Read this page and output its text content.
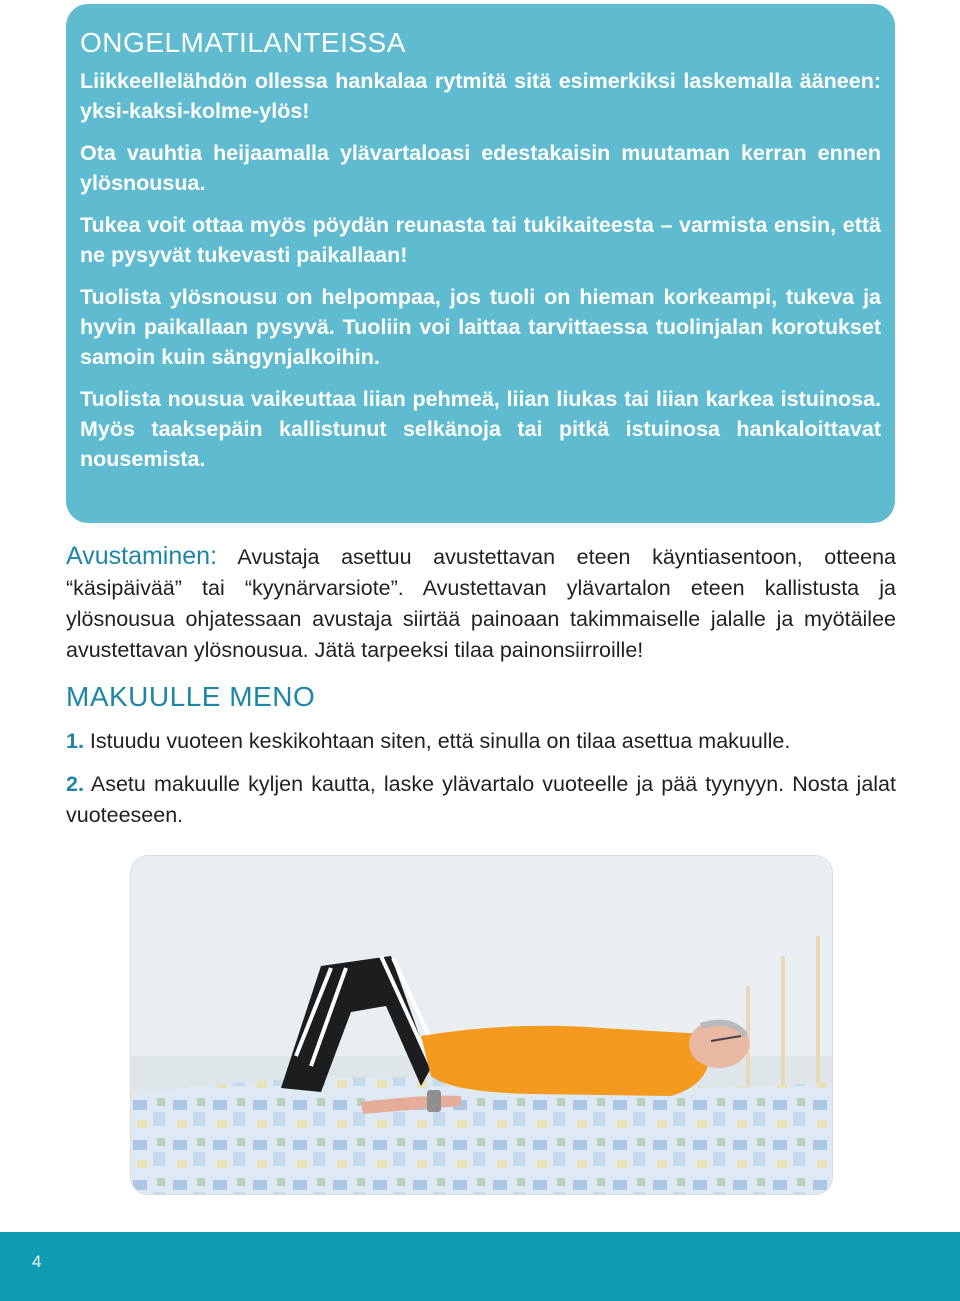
ONGELMATILANTEISSA

Liikkeellelähdön ollessa hankalaa rytmitä sitä esimerkiksi laskemalla ääneen: yksi-kaksi-kolme-ylös!

Ota vauhtia heijaamalla ylävartaloasi edestakaisin muutaman kerran ennen ylösnousua.

Tukea voit ottaa myös pöydän reunasta tai tukikaiteesta – varmista ensin, että ne pysyvät tukevasti paikallaan!

Tuolista ylösnousu on helpompaa, jos tuoli on hieman korkeampi, tukeva ja hyvin paikallaan pysyvä. Tuoliin voi laittaa tarvittaessa tuolinjalan korotukset samoin kuin sängynjalkoihin.

Tuolista nousua vaikeuttaa liian pehmeä, liian liukas tai liian karkea istuinosa. Myös taaksepäin kallistunut selkänoja tai pitkä istuinosa hankaloittavat nousemista.

Avustaminen: Avustaja asettuu avustettavan eteen käyntiasentoon, otteena “käsipäivää” tai “kyynärvarsiote”. Avustettavan ylävartalon eteen kallistusta ja ylösnousua ohjatessaan avustaja siirtää painoaan takimmaiselle jalalle ja myötäilee avustettavan ylösnousua. Jätä tarpeeksi tilaa painonsiirroille!
MAKUULLE MENO
1. Istuudu vuoteen keskikohtaan siten, että sinulla on tilaa asettua makuulle.
2. Asetu makuulle kyljen kautta, laske ylävartalo vuoteelle ja pää tyynyyn. Nosta jalat vuoteeseen.
4
